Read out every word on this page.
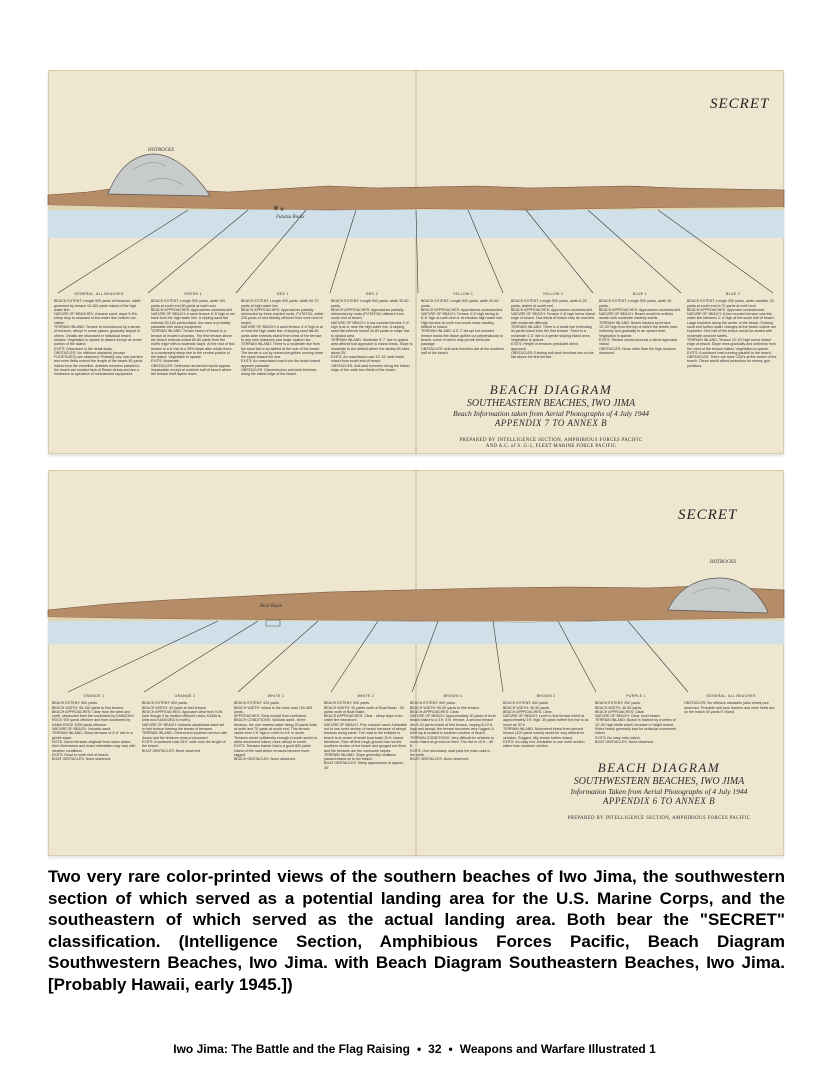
SECRET
HOTROCKS
Futatsu Rocks
GENERAL: ALL BEACHES
BEACH EXTENT: Length 500 yards all beaches; width governed by terrace 10-160 yards inland of the high water line.
NATURE OF BEACHES: Volcanic sand, slope 5-8%, sharp drop to seaward of low water line; bottom not visible.
TERRAIN INLAND: Terrace to shorebound by a series of terraces, abrupt in some places, gradually sloped in others. Details are discussed in individual beach studies. Vegetation is sparse to absent except at center portion of the island.
EXITS: Discussed in the detail study.
OBSTACLES: No offshore obstacles (except FUTATSURO) are observed. Probably any rock barriers and mine fields extend the length of the beach 50 yards inland from the shoreline. Antitank trenches parallel to the beach are located back of Beach Areas and are a hindrance to operation of mechanized equipment.
GREEN 1
BEACH EXTENT: Length 500 yards, width 100 yards at south end 80 yards at north end.
BEACH APPROACHES: Approaches unobstructed.
NATURE OF BEACH: A sand terrace 6'-8' high is set back from the high water line. A sloping sand flat extends 50-160 yards inland, this area is probably passable with heavy equipment.
TERRAIN INLAND: Terrain inland of beach is a terrace of eroded volcanics. The first terrace above the beach extends inland 60-80 yards from the bluff's edge with a moderate slope. At the rear of this terrace is a 6' rise at a 35% slope after which there is a moderately steep rise to the central portion of the island. Vegetation is sparse.
EXITS: Moderate.
OBSTACLES: Defensive armament would appear impassable except at northern half of beach where the terrace bluff tapers down.
RED 1
BEACH EXTENT: Length 500 yards, width 50-70 yards at high water line.
BEACH APPROACHES: Approaches partially obstructed by three charted rocks, FUTATSU, within 225 yards of and directly offshore from north end of beach.
NATURE OF BEACH: A sand terrace 4'-6' high is at or near the high water line. A sloping sand flat 60 yards wide extends inland from crest of the terrace to any rock obstacles and major upland rise.
TERRAIN INLAND: There is a moderate rise from the sand flat to an airfield at the rear of the beach. The terrain is cut by numerous gullies running down the slope toward the sea.
EXITS: An unsurfaced road from the beach inland appears passable.
OBSTACLES: Discontinuous anti-tank trenches along the inland edge of the beach.
RED 2
BEACH EXTENT: Length 500 yards, width 30-60 yards.
BEACH APPROACHES: Approaches partially obstructed by rocks (FUTATSU) offshore from south end of beach.
NATURE OF BEACH: A low rounded terrace 4'-6' high is at or near the high water line. A sloping sand flat extends inland 40-60 yards to major rise to upland area.
TERRAIN INLAND: Moderate 5'-7' rise to upland area affords foot approach to inland areas. Slope is moderate to the airfield where the airstrip fill rises about 25'.
EXITS: An unsurfaced road 10'-15' wide leads inland from south end of beach.
OBSTACLES: Anti-tank trenches along the inland edge of the north two thirds of the beach.
YELLOW 1
BEACH EXTENT: Length 500 yards, width 30-60 yards.
BEACH APPROACHES: Approaches unobstructed.
NATURE OF BEACH: Terrace 4'-5' high facing to 6'-8' high at north end or at volcanic high water line. High terrace at north end would make landing difficult to inland.
TERRAIN INLAND: A 5'-7' abrupt but rounded terrace backs the beach gullies cut perpendicular to beach, some of which may permit vehicular passage.
OBSTACLES: Anti-tank trenches are at the southern half of the beach.
YELLOW 2
BEACH EXTENT: Length 500 yards, width 5-25 yards, widest at south end.
BEACH APPROACHES: Approaches unobstructed.
NATURE OF BEACH: Terrace 4'-8' high forms inland edge of beach. Two-thirds of beach may be reached with moderate difficulty.
TERRAIN INLAND: There is a small rise extending all yards inland from the first terrace. There is a moderate 4'-5' rise to a gentle sloping inland area. Vegetation is sparse.
EXITS: Height of terraces precludes direct approach.
OBSTACLES: Existing anti-tank trenches are on the flat above the first terrace.
BLUE 1
BEACH EXTENT: Length 500 yards, width 15 yards.
BEACH APPROACHES: Approaches unobstructed.
NATURE OF BEACH: Beach would be entirely awash with moderate easterly swells.
TERRAIN INLAND: Beach backed by terrace 15'-25' high from the top of which the terrain rises uniformly and gradually to an upland level. Vegetation is sparse.
EXITS: Terrace would preclude a direct approach inland.
OBSTACLES: None other than the high terraces observed.
BLUE 2
BEACH EXTENT: Length 200 yards, width variable, 20 yards at south end to 70 yards at north end.
BEACH APPROACHES: Approach unobstructed.
NATURE OF BEACH: A low rounded terrace runs the water line between 2'-4' high at the south half of beach. Large boulders along the center of the beach. Existing sand and further water changes at the beach outline are expected. One half of the beach would be awash with moderate onshore swells.
TERRAIN INLAND: Terrace 10'-20' high forms inland edge of beach. Slope rises gradually and uniformly from the crest of the terrace inland. Vegetation is sparse.
EXITS: A surfaced road running parallel to the beach.
OBSTACLES: There are three 12M's at the center of the beach. These would afford protection for enemy gun positions.
BEACH DIAGRAM
SOUTHEASTERN BEACHES, IWO JIMA
Beach Information taken from Aerial Photographs of 4 July 1944
APPENDIX 7 TO ANNEX B
PREPARED BY INTELLIGENCE SECTION, AMPHIBIOUS FORCES PACIFIC
AND A.C. of S. G-2, FLEET MARINE FORCE PACIFIC
SECRET
HOTROCKS
Boat Basin
ORANGE 1
BEACH EXTENT: 500 yards.
BEACH WIDTH: 50-150 yards to first terrace.
BEACH APPROACHES: Clear from the west and north, obstructed from the southwest by KANGOKU ROCK 900 yards offshore and from southwest by KAMA ROCK 1000 yards offshore.
NATURE OF BEACH: Volcanic sand.
TERRAIN INLAND: Steep terraces of 5'-6' rise to a gentle slope.
NOTE: Some terraces originate from wave action, their dimensions and exact orientation may vary with weather conditions.
EXITS: Road to north end of beach.
BOAT OBSTACLES: None observed.
ORANGE 2
BEACH EXTENT: 500 yards.
BEACH WIDTH: 40 yards to first terrace.
BEACH APPROACHES: Approach clear from N.W. (see though it be located offshore rocks, KAMA is west and KANGOKU to north).
NATURE OF BEACH: Volcanic sand/black sand set to first terrace forming the terrain of terraces.
TERRAIN INLAND: Central and southern section with dunes and the terraces most pronounced.
EXITS: A surfaced road 35 ft. wide runs the length of the beach.
BOAT OBSTACLES: None observed.
WHITE 1
BEACH EXTENT: 420 yards.
BEACH WIDTH: Inland to the main road 100-400 yards.
APPROACHES: Clear except from northwest.
BEACH CONDITIONS: Volcanic sand - three terraces, the one nearest water being 25 yards wide at north and 70 yards at south end. This terrace varies from 3 ft. high in north to 6 ft. in south. Terraces would sufficiently enough in south sector to allow movement inland, more abrupt to south.
EXITS: Terraces barrier that is a good 800 yards inland of the road where terraces become more ragged.
BEACH OBSTACLES: None observed.
WHITE 2
BEACH EXTENT: 500 yards.
BEACH WIDTH: 30 yards north of Boat Basin - 30 yards north of Boat Basin.
BEACH APPROACHES: Clear - steep slope from water line nearshore.
NATURE OF BEACH: Fine volcanic sand. Advisable not to use north section of beach because of abrupt terraces along same. The road to the enlisted to beach is at center of small boat basin 30 ft. inland therefrom. Rise off first rough ground has not the southern section of the beach and gouged out there and the terraces are the overcome slopes.
TERRAIN INLAND: Slope generally unditions passed inland on to the beach.
BOAT OBSTACLES: Steep approaches at approx. 30'.
BROWN 1
BEACH EXTENT: 500 yards.
BEACH WIDTH: 50-60 yards to first terrace.
BEACH APPROACHES: Clear.
NATURE OF BEACH: Approximately 30 yards of level beach inland to a 3 ft. 6 in. terrace. A second terrace lies 5-30 yards inland of first terrace, varying 8-10 ft. high and abrupt; the terrace becomes very rugged. A bluff top is located in southern section of beach.
TERRAIN CONDITIONS: Very difficult for vehicles to move inland at ground on third. The rise is 15 ft. - 80 ft.
EXITS: One secondary road joins the main road in the north.
BOAT OBSTACLES: None observed.
BROWN 2
BEACH EXTENT: 400 yards.
BEACH WIDTH: 40-50 yards.
BEACH APPROACHES: Clear.
NATURE OF BEACH: Level to first terrace which is approximately 3 ft. high. 30 yards further the rise is as much as 30 ft.
TERRAIN INLAND: Movement inland from second terrace (100 yards inland) would be very difficult for vehicles. Rugged, hilly terrain further inland.
EXITS: An easy exit. Advisable to use north section rather than southern section.
PURPLE 1
BEACH EXTENT: 200 yards.
BEACH WIDTH: 40-50 yards.
BEACH APPROACHES: Clear.
NATURE OF BEACH: Clear, level beach.
TERRAIN INLAND: Beach is backed by a series of 10'-30' high bluffs which increase in height inland. Entire beach generally bad for vehicular movement inland.
EXITS: No easy exits inland.
BOAT OBSTACLES: None observed.
GENERAL: ALL BEACHES
OBSTACLES: No offshore obstacles (also mines) are observed. Probable anti-tank barriers and mine fields are on the beach 50 yards 5' inland.
BEACH DIAGRAM
SOUTHWESTERN BEACHES, IWO JIMA
Information Taken from Aerial Photographs of 4 July 1944
APPENDIX 6 TO ANNEX B
PREPARED BY INTELLIGENCE SECTION, AMPHIBIOUS FORCES PACIFIC

Two very rare color-printed views of the southern beaches of Iwo Jima, the southwestern section of which served as a potential landing area for the U.S. Marine Corps, and the southeastern of which served as the actual landing area. Both bear the "SECRET" classification. (Intelligence Section, Amphibious Forces Pacific, Beach Diagram Southwestern Beaches, Iwo Jima. with Beach Diagram Southeastern Beaches, Iwo Jima. [Probably Hawaii, early 1945.])

Iwo Jima: The Battle and the Flag Raising • 32 • Weapons and Warfare Illustrated 1
